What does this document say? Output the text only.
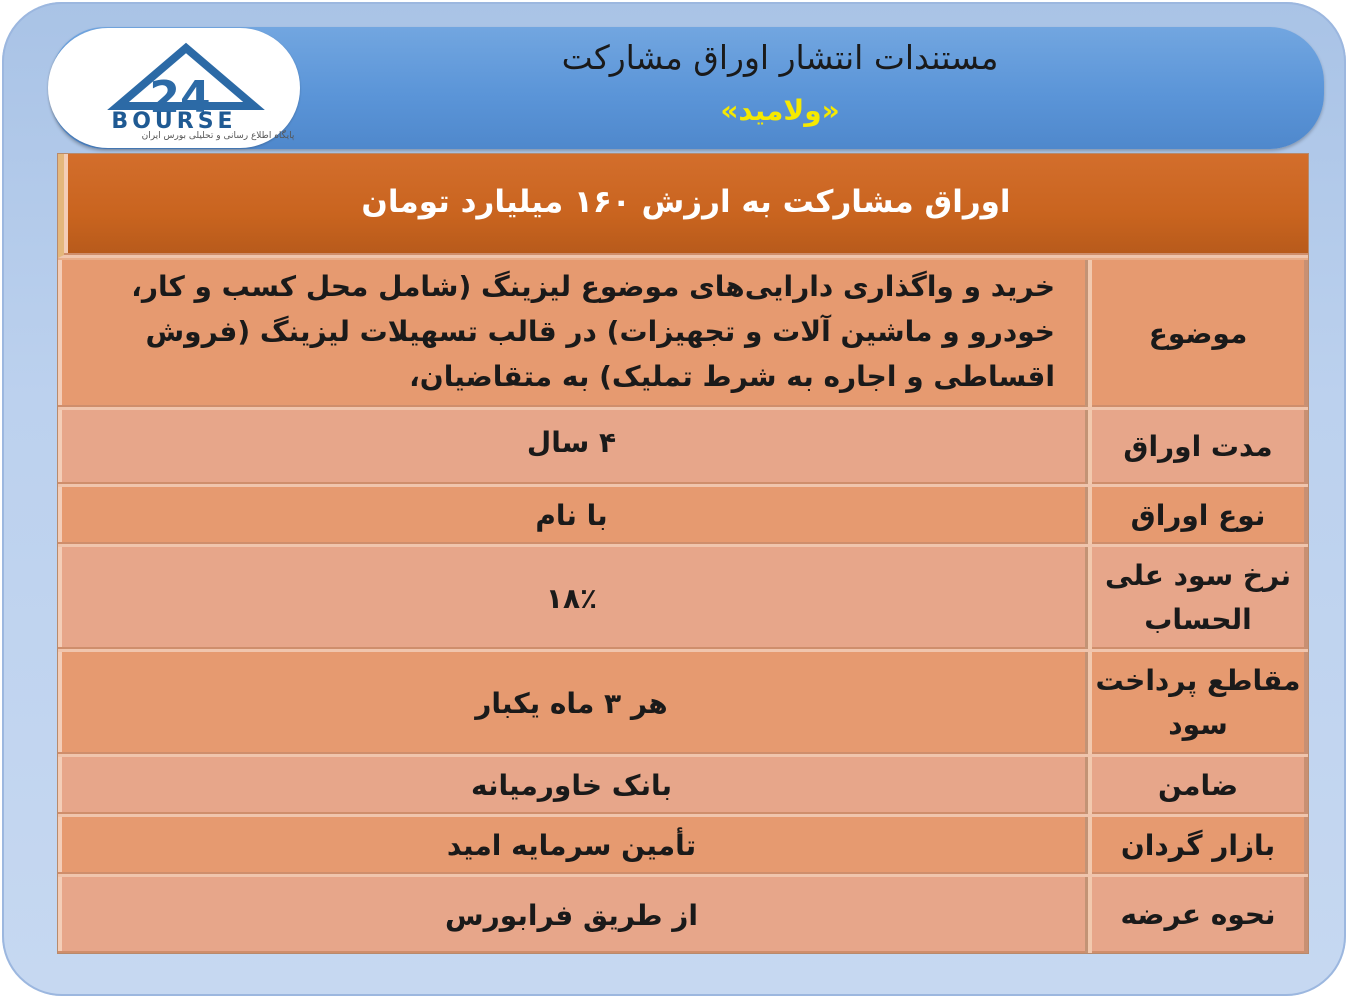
24
BOURSE
پایگاه اطلاع رسانی و تحلیلی بورس ایران
مستندات انتشار اوراق مشارکت
«ولامید»
اوراق مشارکت به ارزش ۱۶۰ میلیارد تومان
موضوع
خرید و واگذاری دارایی‌های موضوع لیزینگ (شامل محل کسب و کار، خودرو و ماشین آلات و تجهیزات) در قالب تسهیلات لیزینگ (فروش اقساطی و اجاره به شرط تملیک) به متقاضیان،
مدت اوراق
۴ سال
نوع اوراق
با نام
نرخ سود علی الحساب
۱۸٪
مقاطع پرداخت سود
هر ۳ ماه یکبار
ضامن
بانک خاورمیانه
بازار گردان
تأمین سرمایه امید
نحوه عرضه
از طریق فرابورس
